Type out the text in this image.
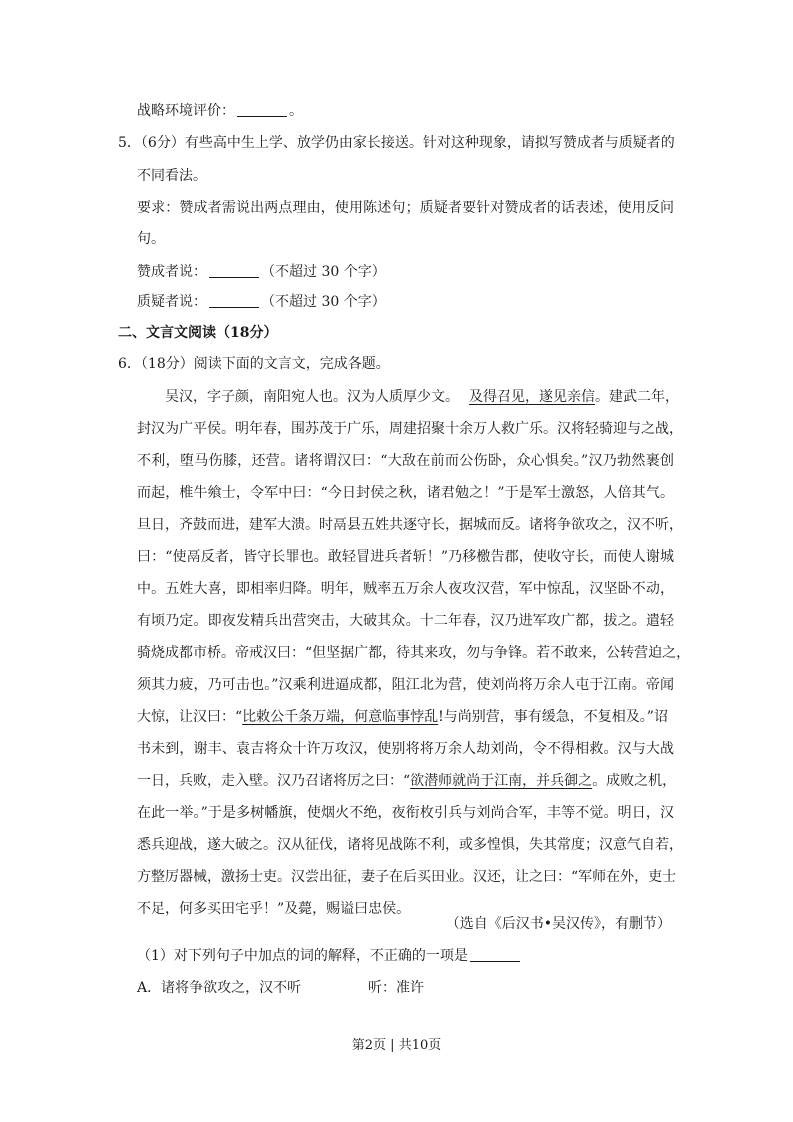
战略环境评价：	。
5．（6分）有些高中生上学、放学仍由家长接送。针对这种现象，请拟写赞成者与质疑者的
不同看法。
要求：赞成者需说出两点理由，使用陈述句；质疑者要针对赞成者的话表述，使用反问
句。
赞成者说：	（不超过 30 个字）
质疑者说：	（不超过 30 个字）
二、文言文阅读（18分）
6．（18分）阅读下面的文言文，完成各题。
吴汉，字子颜，南阳宛人也。汉为人质厚少文。 及得召见，遂见亲信。建武二年，
封汉为广平侯。明年春，围苏茂于广乐，周建招聚十余万人救广乐。汉将轻骑迎与之战，
不利，堕马伤膝，还营。诸将谓汉曰：“大敌在前而公伤卧，众心惧矣。”汉乃勃然裹创
而起，椎牛飨士，令军中曰：“今日封侯之秋，诸君勉之！”于是军士激怒，人倍其气。
旦日，齐鼓而进，建军大溃。时鬲县五姓共逐守长，据城而反。诸将争欲攻之，汉不听，
曰：“使鬲反者，皆守长罪也。敢轻冒进兵者斩！”乃移檄告郡，使收守长，而使人谢城
中。五姓大喜，即相率归降。明年，贼率五万余人夜攻汉营，军中惊乱，汉坚卧不动，
有顷乃定。即夜发精兵出营突击，大破其众。十二年春，汉乃进军攻广都，拔之。遣轻
骑烧成都市桥。帝戒汉曰：“但坚据广都，待其来攻，勿与争锋。若不敢来，公转营迫之，
须其力疲，乃可击也。”汉乘利进逼成都，阻江北为营，使刘尚将万余人屯于江南。帝闻
大惊，让汉曰：“比敕公千条万端，何意临事悖乱!与尚别营，事有缓急，不复相及。”诏
书未到，谢丰、袁吉将众十许万攻汉，使别将将万余人劫刘尚，令不得相救。汉与大战
一日，兵败，走入壁。汉乃召诸将厉之曰：“欲潜师就尚于江南，并兵御之。成败之机，
在此一举。”于是多树幡旗，使烟火不绝，夜衔枚引兵与刘尚合军，丰等不觉。明日，汉
悉兵迎战，遂大破之。汉从征伐，诸将见战陈不利，或多惶惧，失其常度；汉意气自若，
方整厉器械，激扬士吏。汉尝出征，妻子在后买田业。汉还，让之曰：“军师在外，吏士
不足，何多买田宅乎！”及薨，赐谥曰忠侯。
（选自《后汉书•吴汉传》，有删节）
（1）对下列句子中加点的词的解释，不正确的一项是
A．诸将争欲攻之，汉不听	听：准许
第2页 | 共10页
